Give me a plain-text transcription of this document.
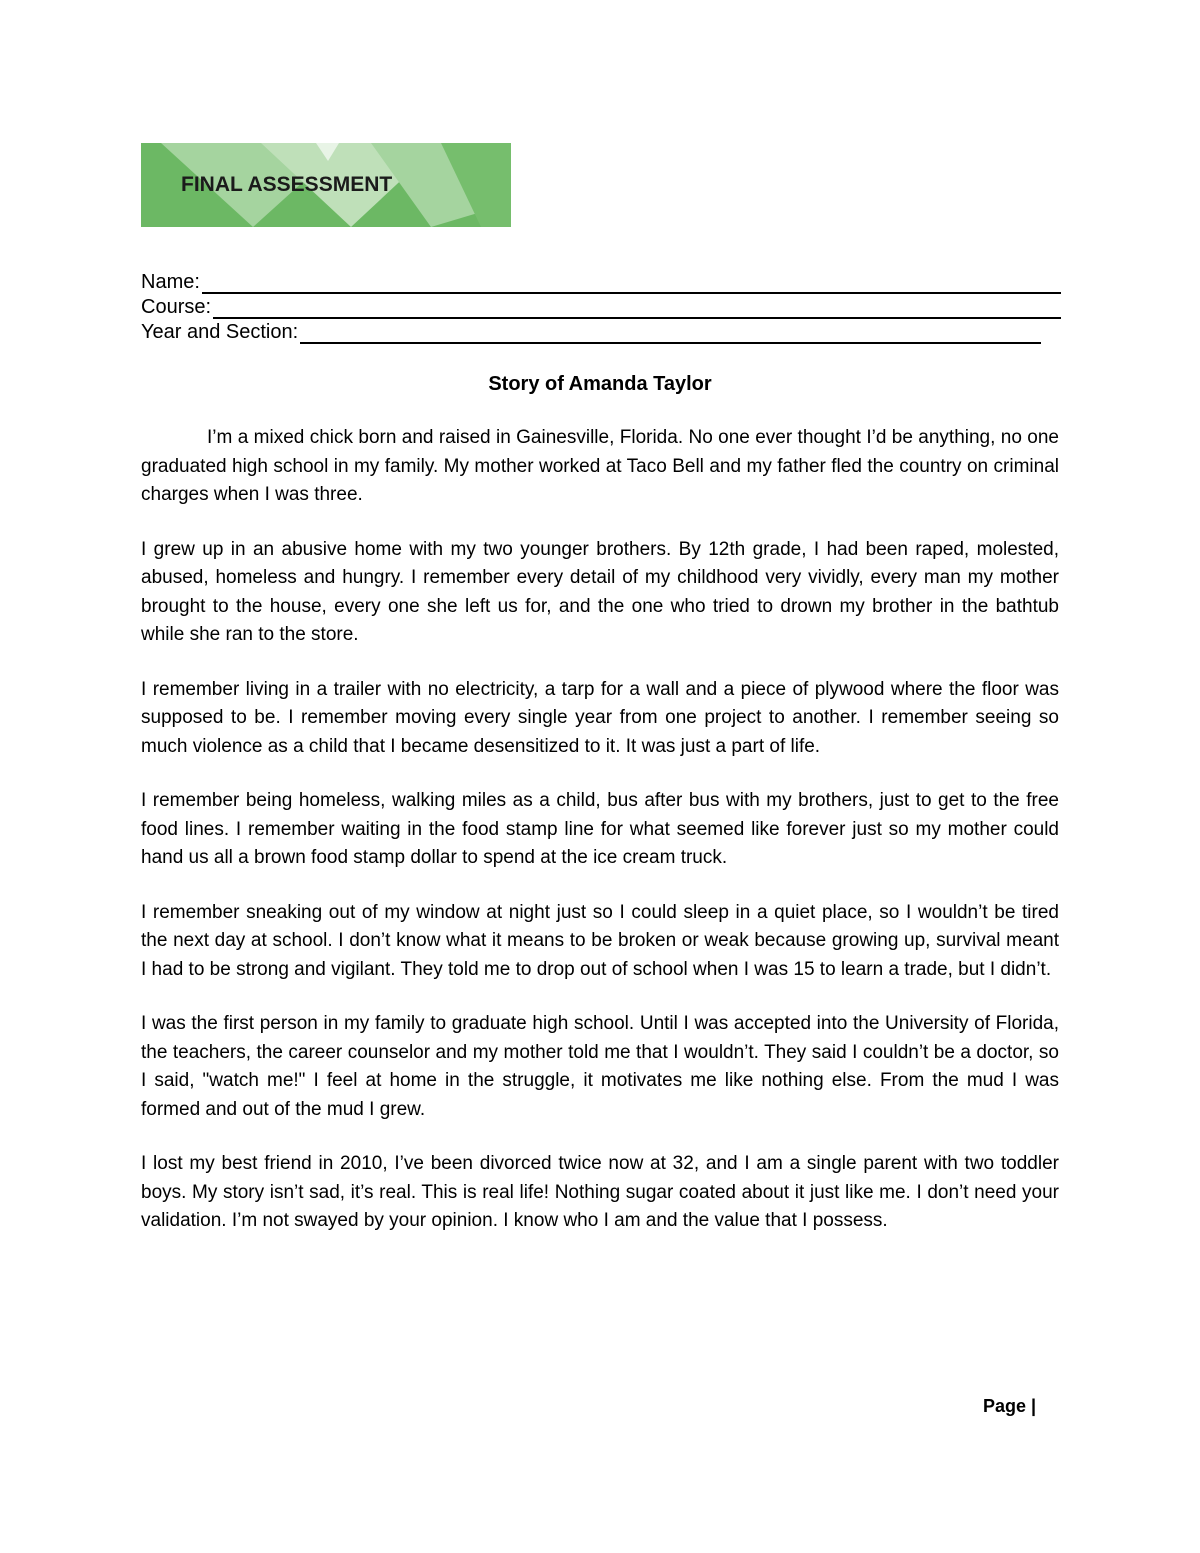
FINAL ASSESSMENT
Name:
Course:
Year and Section:
Story of Amanda Taylor

I’m a mixed chick born and raised in Gainesville, Florida. No one ever thought I’d be anything, no one graduated high school in my family. My mother worked at Taco Bell and my father fled the country on criminal charges when I was three.

I grew up in an abusive home with my two younger brothers. By 12th grade, I had been raped, molested, abused, homeless and hungry. I remember every detail of my childhood very vividly, every man my mother brought to the house, every one she left us for, and the one who tried to drown my brother in the bathtub while she ran to the store.

I remember living in a trailer with no electricity, a tarp for a wall and a piece of plywood where the floor was supposed to be. I remember moving every single year from one project to another. I remember seeing so much violence as a child that I became desensitized to it. It was just a part of life.

I remember being homeless, walking miles as a child, bus after bus with my brothers, just to get to the free food lines. I remember waiting in the food stamp line for what seemed like forever just so my mother could hand us all a brown food stamp dollar to spend at the ice cream truck.

I remember sneaking out of my window at night just so I could sleep in a quiet place, so I wouldn’t be tired the next day at school. I don’t know what it means to be broken or weak because growing up, survival meant I had to be strong and vigilant. They told me to drop out of school when I was 15 to learn a trade, but I didn’t.

I was the first person in my family to graduate high school. Until I was accepted into the University of Florida, the teachers, the career counselor and my mother told me that I wouldn’t. They said I couldn’t be a doctor, so I said, "watch me!" I feel at home in the struggle, it motivates me like nothing else. From the mud I was formed and out of the mud I grew.

I lost my best friend in 2010, I’ve been divorced twice now at 32, and I am a single parent with two toddler boys. My story isn’t sad, it’s real. This is real life! Nothing sugar coated about it just like me. I don’t need your validation. I’m not swayed by your opinion. I know who I am and the value that I possess.

Page |
